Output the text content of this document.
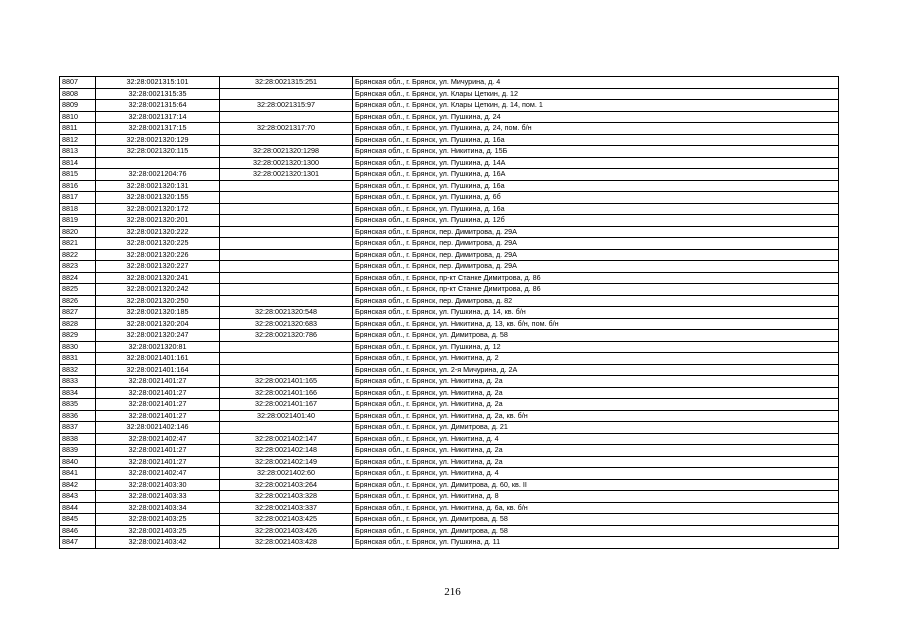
8807	32:28:0021315:101	32:28:0021315:251	Брянская обл., г. Брянск, ул. Мичурина, д. 4
8808	32:28:0021315:35		Брянская обл., г. Брянск, ул. Клары Цеткин, д. 12
8809	32:28:0021315:64	32:28:0021315:97	Брянская обл., г. Брянск, ул. Клары Цеткин, д. 14, пом. 1
8810	32:28:0021317:14		Брянская обл., г. Брянск, ул. Пушкина, д. 24
8811	32:28:0021317:15	32:28:0021317:70	Брянская обл., г. Брянск, ул. Пушкина, д. 24, пом. б/н
8812	32:28:0021320:129		Брянская обл., г. Брянск, ул. Пушкина, д. 16а
8813	32:28:0021320:115	32:28:0021320:1298	Брянская обл., г. Брянск, ул. Никитина, д. 15Б
8814		32:28:0021320:1300	Брянская обл., г. Брянск, ул. Пушкина, д. 14А
8815	32:28:0021204:76	32:28:0021320:1301	Брянская обл., г. Брянск, ул. Пушкина, д. 16А
8816	32:28:0021320:131		Брянская обл., г. Брянск, ул. Пушкина, д. 16а
8817	32:28:0021320:155		Брянская обл., г. Брянск, ул. Пушкина, д. 6б
8818	32:28:0021320:172		Брянская обл., г. Брянск, ул. Пушкина, д. 16а
8819	32:28:0021320:201		Брянская обл., г. Брянск, ул. Пушкина, д. 12б
8820	32:28:0021320:222		Брянская обл., г. Брянск, пер. Димитрова, д. 29А
8821	32:28:0021320:225		Брянская обл., г. Брянск, пер. Димитрова, д. 29А
8822	32:28:0021320:226		Брянская обл., г. Брянск, пер. Димитрова, д. 29А
8823	32:28:0021320:227		Брянская обл., г. Брянск, пер. Димитрова, д. 29А
8824	32:28:0021320:241		Брянская обл., г. Брянск, пр-кт Станке Димитрова, д. 86
8825	32:28:0021320:242		Брянская обл., г. Брянск, пр-кт Станке Димитрова, д. 86
8826	32:28:0021320:250		Брянская обл., г. Брянск, пер. Димитрова, д. 82
8827	32:28:0021320:185	32:28:0021320:548	Брянская обл., г. Брянск, ул. Пушкина, д. 14, кв. б/н
8828	32:28:0021320:204	32:28:0021320:683	Брянская обл., г. Брянск, ул. Никитина, д. 13, кв. б/н, пом. б/н
8829	32:28:0021320:247	32:28:0021320:786	Брянская обл., г. Брянск, ул. Димитрова, д. 58
8830	32:28:0021320:81		Брянская обл., г. Брянск, ул. Пушкина, д. 12
8831	32:28:0021401:161		Брянская обл., г. Брянск, ул. Никитина, д. 2
8832	32:28:0021401:164		Брянская обл., г. Брянск, ул. 2-я Мичурина, д. 2А
8833	32:28:0021401:27	32:28:0021401:165	Брянская обл., г. Брянск, ул. Никитина, д. 2а
8834	32:28:0021401:27	32:28:0021401:166	Брянская обл., г. Брянск, ул. Никитина, д. 2а
8835	32:28:0021401:27	32:28:0021401:167	Брянская обл., г. Брянск, ул. Никитина, д. 2а
8836	32:28:0021401:27	32:28:0021401:40	Брянская обл., г. Брянск, ул. Никитина, д. 2а, кв. б/н
8837	32:28:0021402:146		Брянская обл., г. Брянск, ул. Димитрова, д. 21
8838	32:28:0021402:47	32:28:0021402:147	Брянская обл., г. Брянск, ул. Никитина, д. 4
8839	32:28:0021401:27	32:28:0021402:148	Брянская обл., г. Брянск, ул. Никитина, д. 2а
8840	32:28:0021401:27	32:28:0021402:149	Брянская обл., г. Брянск, ул. Никитина, д. 2а
8841	32:28:0021402:47	32:28:0021402:60	Брянская обл., г. Брянск, ул. Никитина, д. 4
8842	32:28:0021403:30	32:28:0021403:264	Брянская обл., г. Брянск, ул. Димитрова, д. 60, кв. II
8843	32:28:0021403:33	32:28:0021403:328	Брянская обл., г. Брянск, ул. Никитина, д. 8
8844	32:28:0021403:34	32:28:0021403:337	Брянская обл., г. Брянск, ул. Никитина, д. 6а, кв. б/н
8845	32:28:0021403:25	32:28:0021403:425	Брянская обл., г. Брянск, ул. Димитрова, д. 58
8846	32:28:0021403:25	32:28:0021403:426	Брянская обл., г. Брянск, ул. Димитрова, д. 58
8847	32:28:0021403:42	32:28:0021403:428	Брянская обл., г. Брянск, ул. Пушкина, д. 11
216
